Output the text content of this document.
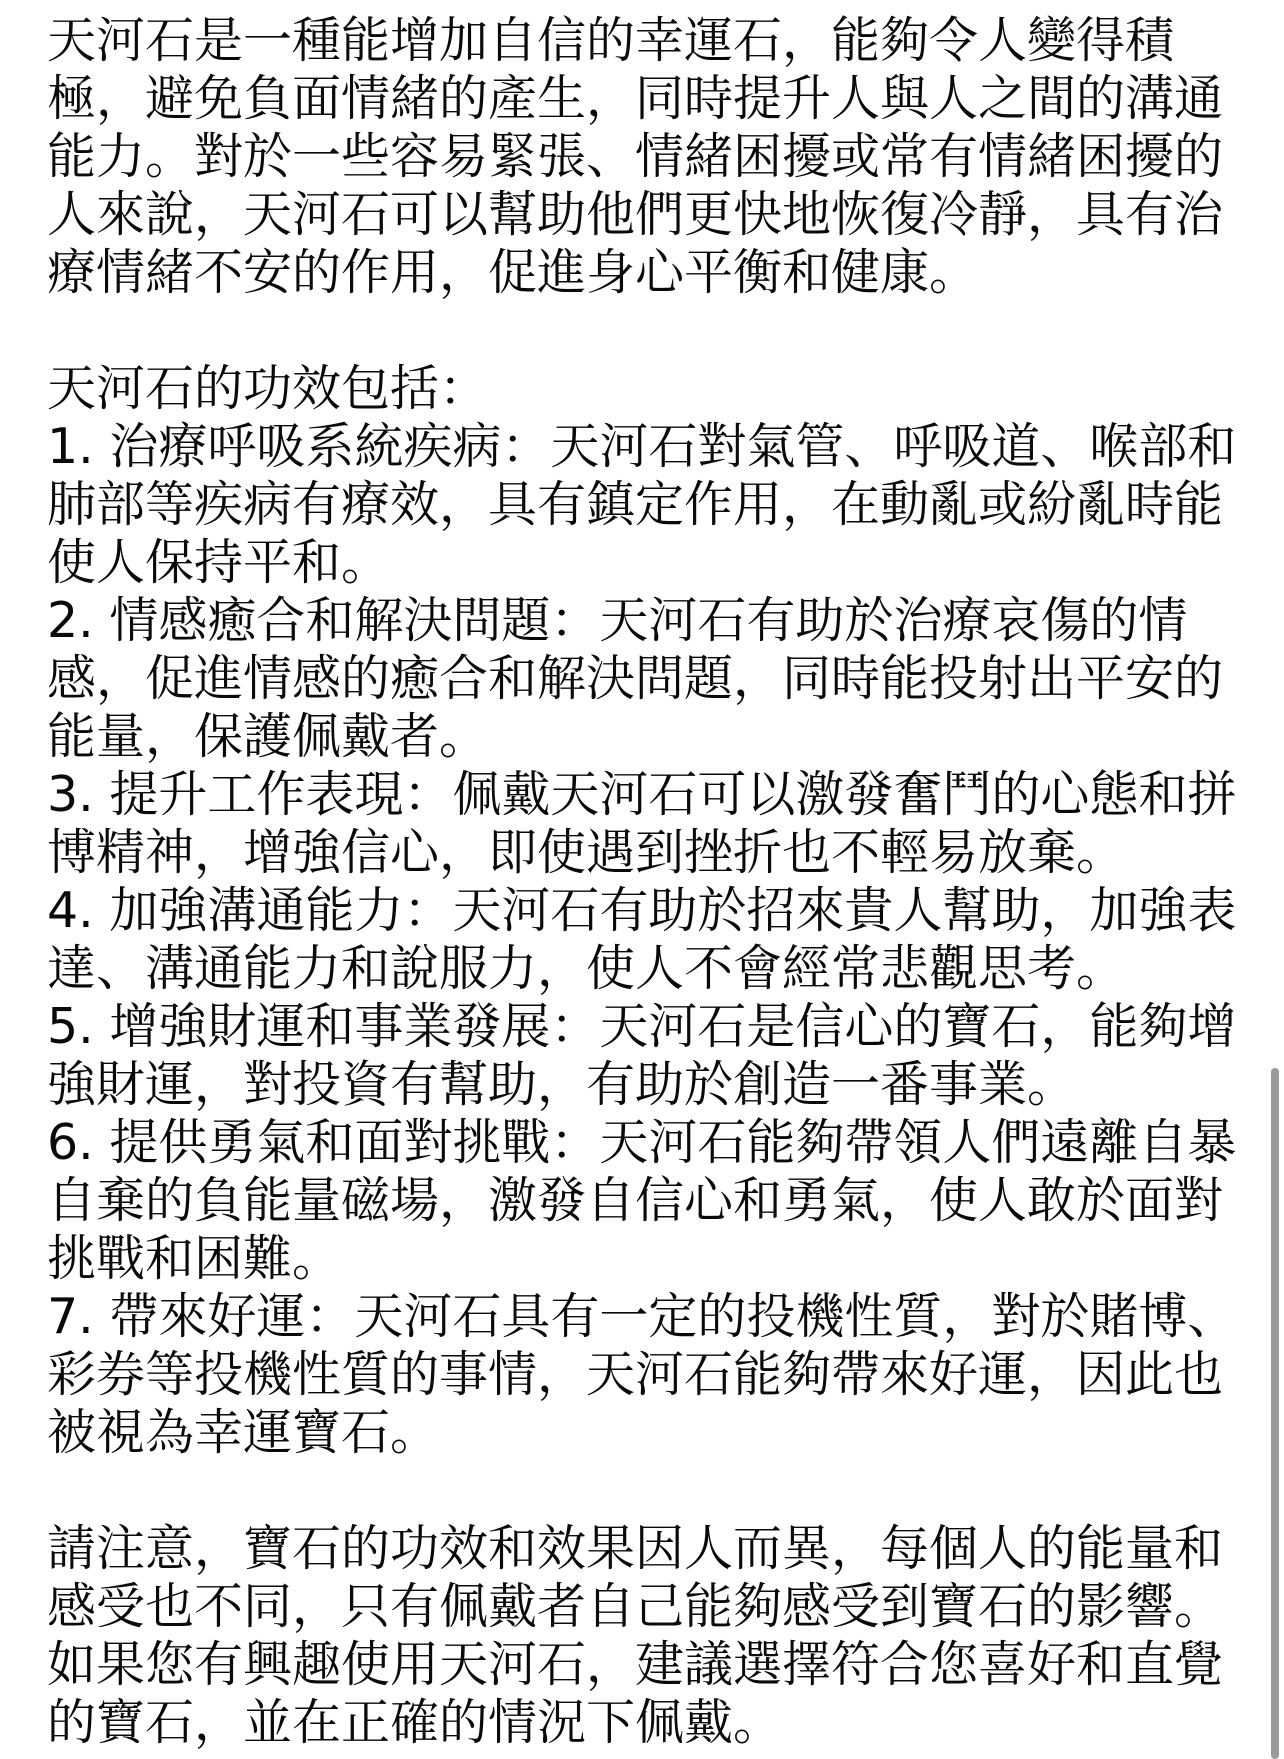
天河石是一種能增加自信的幸運石，能夠令人變得積極，避免負面情緒的產生，同時提升人與人之間的溝通能力。對於一些容易緊張、情緒困擾或常有情緒困擾的人來說，天河石可以幫助他們更快地恢復冷靜，具有治療情緒不安的作用，促進身心平衡和健康。

天河石的功效包括：

1. 治療呼吸系統疾病：天河石對氣管、呼吸道、喉部和肺部等疾病有療效，具有鎮定作用，在動亂或紛亂時能使人保持平和。

2. 情感癒合和解決問題：天河石有助於治療哀傷的情感，促進情感的癒合和解決問題，同時能投射出平安的能量，保護佩戴者。

3. 提升工作表現：佩戴天河石可以激發奮鬥的心態和拼博精神，增強信心，即使遇到挫折也不輕易放棄。

4. 加強溝通能力：天河石有助於招來貴人幫助，加強表達、溝通能力和說服力，使人不會經常悲觀思考。

5. 增強財運和事業發展：天河石是信心的寶石，能夠增強財運，對投資有幫助，有助於創造一番事業。

6. 提供勇氣和面對挑戰：天河石能夠帶領人們遠離自暴自棄的負能量磁場，激發自信心和勇氣，使人敢於面對挑戰和困難。

7. 帶來好運：天河石具有一定的投機性質，對於賭博、彩券等投機性質的事情，天河石能夠帶來好運，因此也被視為幸運寶石。

請注意，寶石的功效和效果因人而異，每個人的能量和感受也不同，只有佩戴者自己能夠感受到寶石的影響。如果您有興趣使用天河石，建議選擇符合您喜好和直覺的寶石，並在正確的情況下佩戴。
